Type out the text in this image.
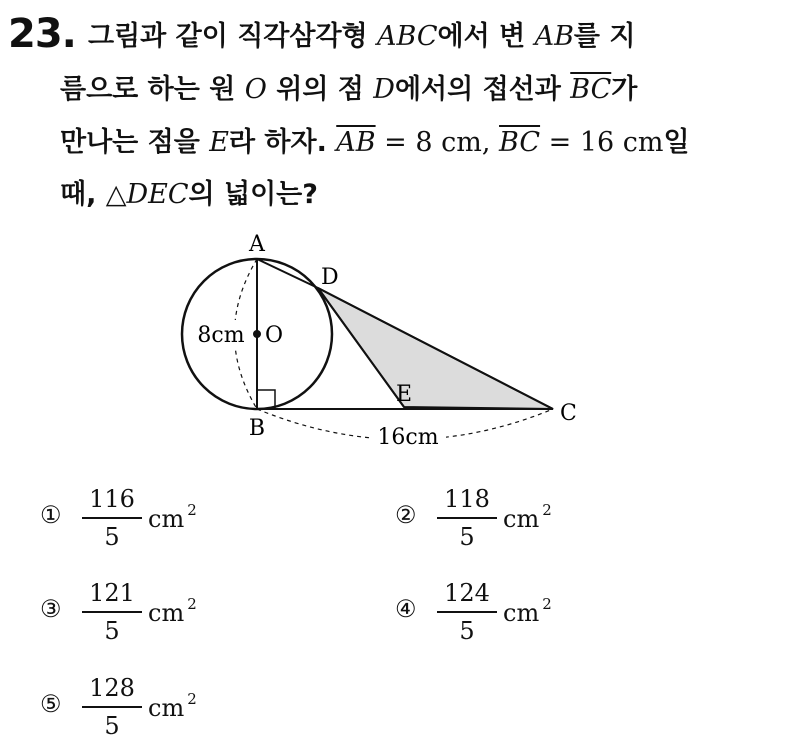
23. 그림과 같이 직각삼각형 ABC에서 변 AB를 지
름으로 하는 원 O 위의 점 D에서의 접선과 $\overline{BC}$가
만나는 점을 E라 하자. $\overline{AB} = 8$ cm, $\overline{BC} = 16$ cm일
때, △DEC의 넓이는?
A
B
C
D
E
O
8cm
16cm
①
116
5
cm $^2$	②
118
5
cm $^2$
③
121
5
cm $^2$	④
124
5
cm $^2$
⑤
128
5
cm $^2$
